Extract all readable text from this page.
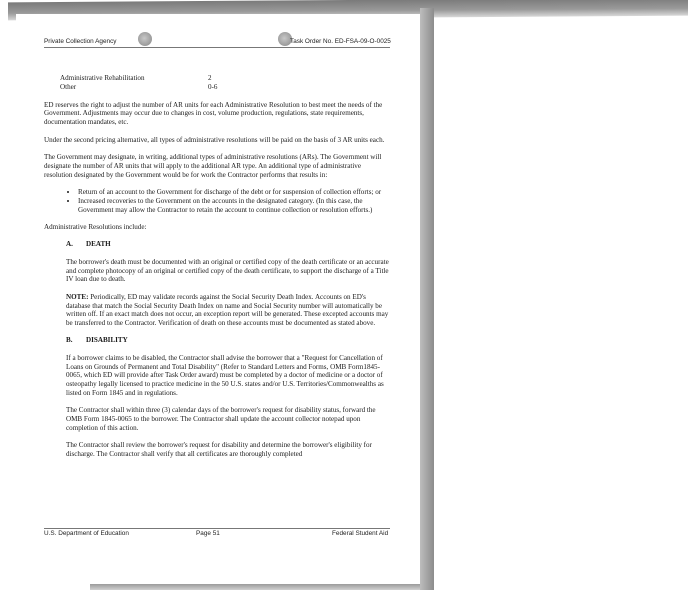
Private Collection Agency	Task Order No. ED-FSA-09-O-0025
Administrative Rehabilitation	2
Other	0-6

ED reserves the right to adjust the number of AR units for each Administrative Resolution to best meet the needs of the Government. Adjustments may occur due to changes in cost, volume production, regulations, state requirements, documentation mandates, etc.

Under the second pricing alternative, all types of administrative resolutions will be paid on the basis of 3 AR units each.

The Government may designate, in writing, additional types of administrative resolutions (ARs). The Government will designate the number of AR units that will apply to the additional AR type. An additional type of administrative resolution designated by the Government would be for work the Contractor performs that results in:

• Return of an account to the Government for discharge of the debt or for suspension of collection efforts; or
• Increased recoveries to the Government on the accounts in the designated category. (In this case, the Government may allow the Contractor to retain the account to continue collection or resolution efforts.)

Administrative Resolutions include:

A. DEATH

The borrower's death must be documented with an original or certified copy of the death certificate or an accurate and complete photocopy of an original or certified copy of the death certificate, to support the discharge of a Title IV loan due to death.

NOTE: Periodically, ED may validate records against the Social Security Death Index. Accounts on ED's database that match the Social Security Death Index on name and Social Security number will automatically be written off. If an exact match does not occur, an exception report will be generated. These excepted accounts may be transferred to the Contractor. Verification of death on these accounts must be documented as stated above.

B. DISABILITY

If a borrower claims to be disabled, the Contractor shall advise the borrower that a "Request for Cancellation of Loans on Grounds of Permanent and Total Disability" (Refer to Standard Letters and Forms, OMB Form1845-0065, which ED will provide after Task Order award) must be completed by a doctor of medicine or a doctor of osteopathy legally licensed to practice medicine in the 50 U.S. states and/or U.S. Territories/Commonwealths as listed on Form 1845 and in regulations.

The Contractor shall within three (3) calendar days of the borrower's request for disability status, forward the OMB Form 1845-0065 to the borrower. The Contractor shall update the account collector notepad upon completion of this action.

The Contractor shall review the borrower's request for disability and determine the borrower's eligibility for discharge. The Contractor shall verify that all certificates are thoroughly completed

U.S. Department of Education	Page 51	Federal Student Aid
